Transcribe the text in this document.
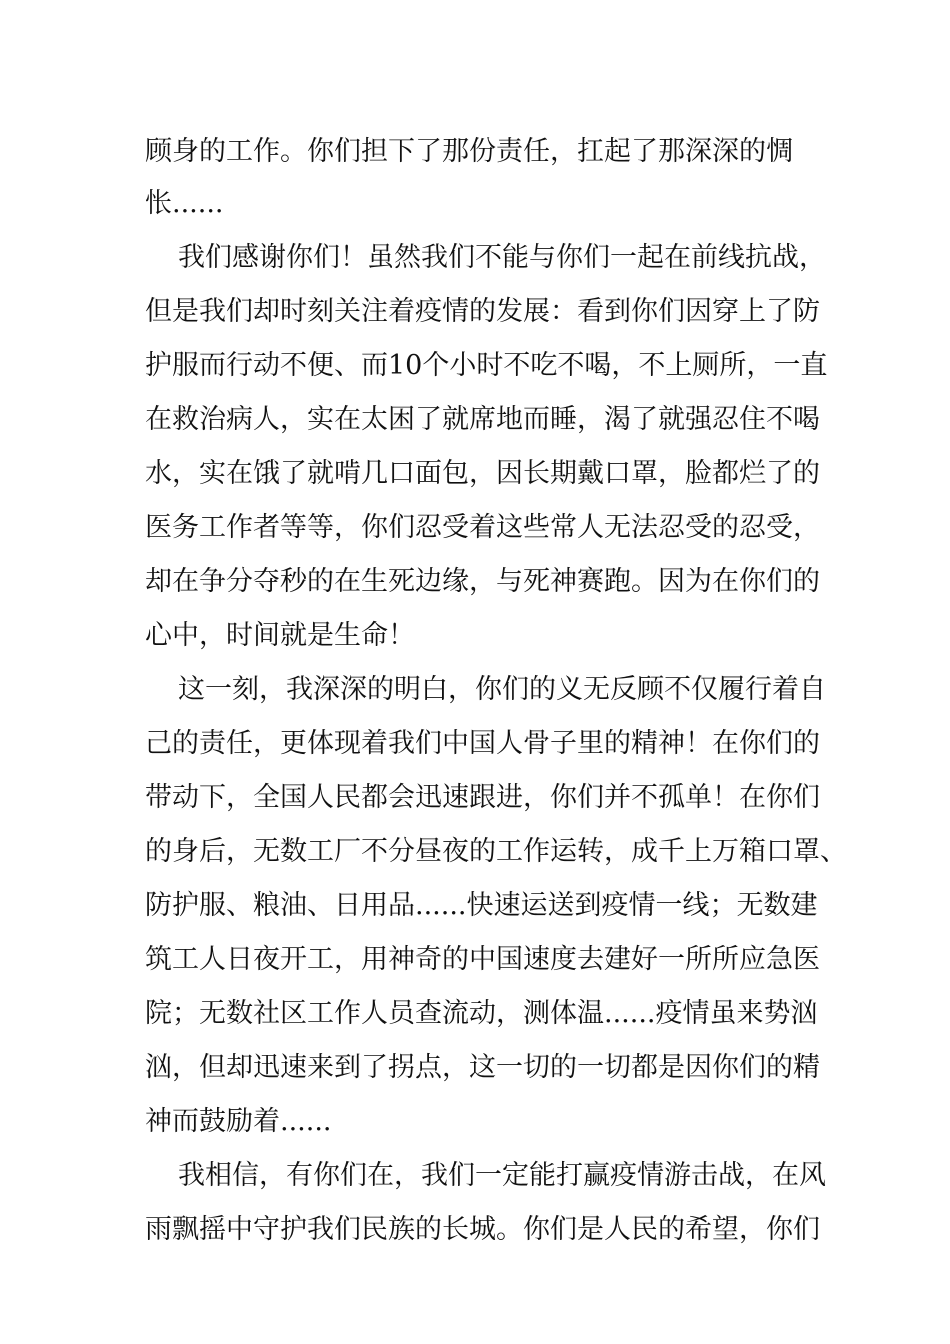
顾身的工作。你们担下了那份责任，扛起了那深深的惆
怅......
我们感谢你们！虽然我们不能与你们一起在前线抗战，
但是我们却时刻关注着疫情的发展：看到你们因穿上了防
护服而行动不便、而10个小时不吃不喝，不上厕所，一直
在救治病人，实在太困了就席地而睡，渴了就强忍住不喝
水，实在饿了就啃几口面包，因长期戴口罩，脸都烂了的
医务工作者等等，你们忍受着这些常人无法忍受的忍受，
却在争分夺秒的在生死边缘，与死神赛跑。因为在你们的
心中，时间就是生命！
这一刻，我深深的明白，你们的义无反顾不仅履行着自
己的责任，更体现着我们中国人骨子里的精神！在你们的
带动下，全国人民都会迅速跟进，你们并不孤单！在你们
的身后，无数工厂不分昼夜的工作运转，成千上万箱口罩、
防护服、粮油、日用品......快速运送到疫情一线；无数建
筑工人日夜开工，用神奇的中国速度去建好一所所应急医
院；无数社区工作人员查流动，测体温......疫情虽来势汹
汹，但却迅速来到了拐点，这一切的一切都是因你们的精
神而鼓励着......
我相信，有你们在，我们一定能打赢疫情游击战，在风
雨飘摇中守护我们民族的长城。你们是人民的希望，你们
